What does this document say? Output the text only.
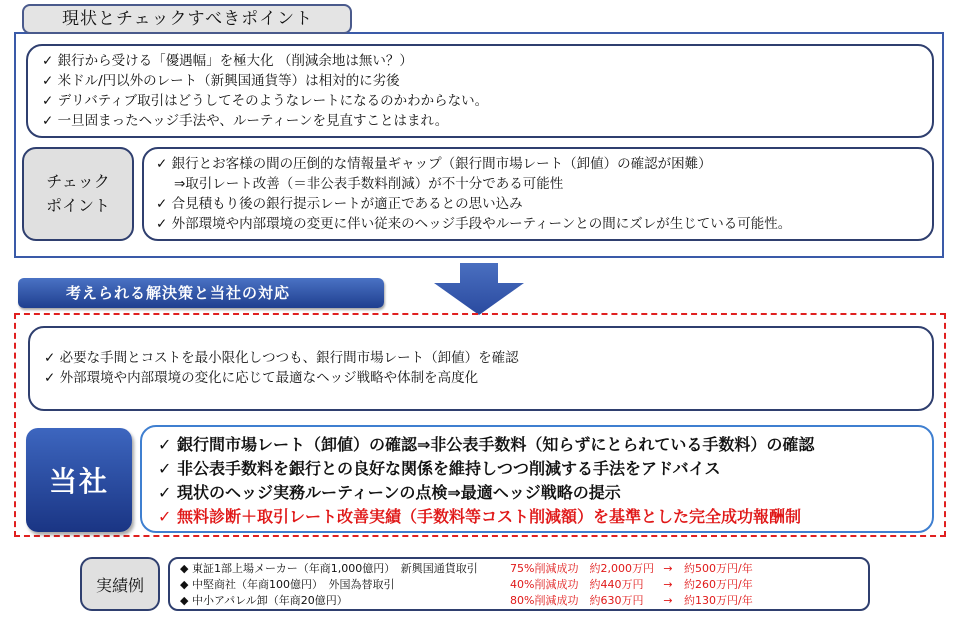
現状とチェックすべきポイント
✓ 銀行から受ける「優遇幅」を極大化 （削減余地は無い？）
✓ 米ドル/円以外のレート（新興国通貨等）は相対的に劣後
✓ デリバティブ取引はどうしてそのようなレートになるのかわからない。
✓ 一旦固まったヘッジ手法や、ルーティーンを見直すことはまれ。
チェック
ポイント
✓ 銀行とお客様の間の圧倒的な情報量ギャップ（銀行間市場レート（卸値）の確認が困難）
⇒取引レート改善（＝非公表手数料削減）が不十分である可能性
✓ 合見積もり後の銀行提示レートが適正であるとの思い込み
✓ 外部環境や内部環境の変更に伴い従来のヘッジ手段やルーティーンとの間にズレが生じている可能性。
考えられる解決策と当社の対応
✓ 必要な手間とコストを最小限化しつつも、銀行間市場レート（卸値）を確認
✓ 外部環境や内部環境の変化に応じて最適なヘッジ戦略や体制を高度化
当社
✓ 銀行間市場レート（卸値）の確認⇒非公表手数料（知らずにとられている手数料）の確認
✓ 非公表手数料を銀行との良好な関係を維持しつつ削減する手法をアドバイス
✓ 現状のヘッジ実務ルーティーンの点検⇒最適ヘッジ戦略の提示
✓ 無料診断＋取引レート改善実績（手数料等コスト削減額）を基準とした完全成功報酬制
実績例
◆ 東証1部上場メーカー（年商1,000億円）　新興国通貨取引	75%削減成功　約2,000万円 →	約500万円/年
◆ 中堅商社（年商100億円）　外国為替取引	40%削減成功　約440万円	→	約260万円/年
◆ 中小アパレル卸（年商20億円）	80%削減成功　約630万円	→	約130万円/年
